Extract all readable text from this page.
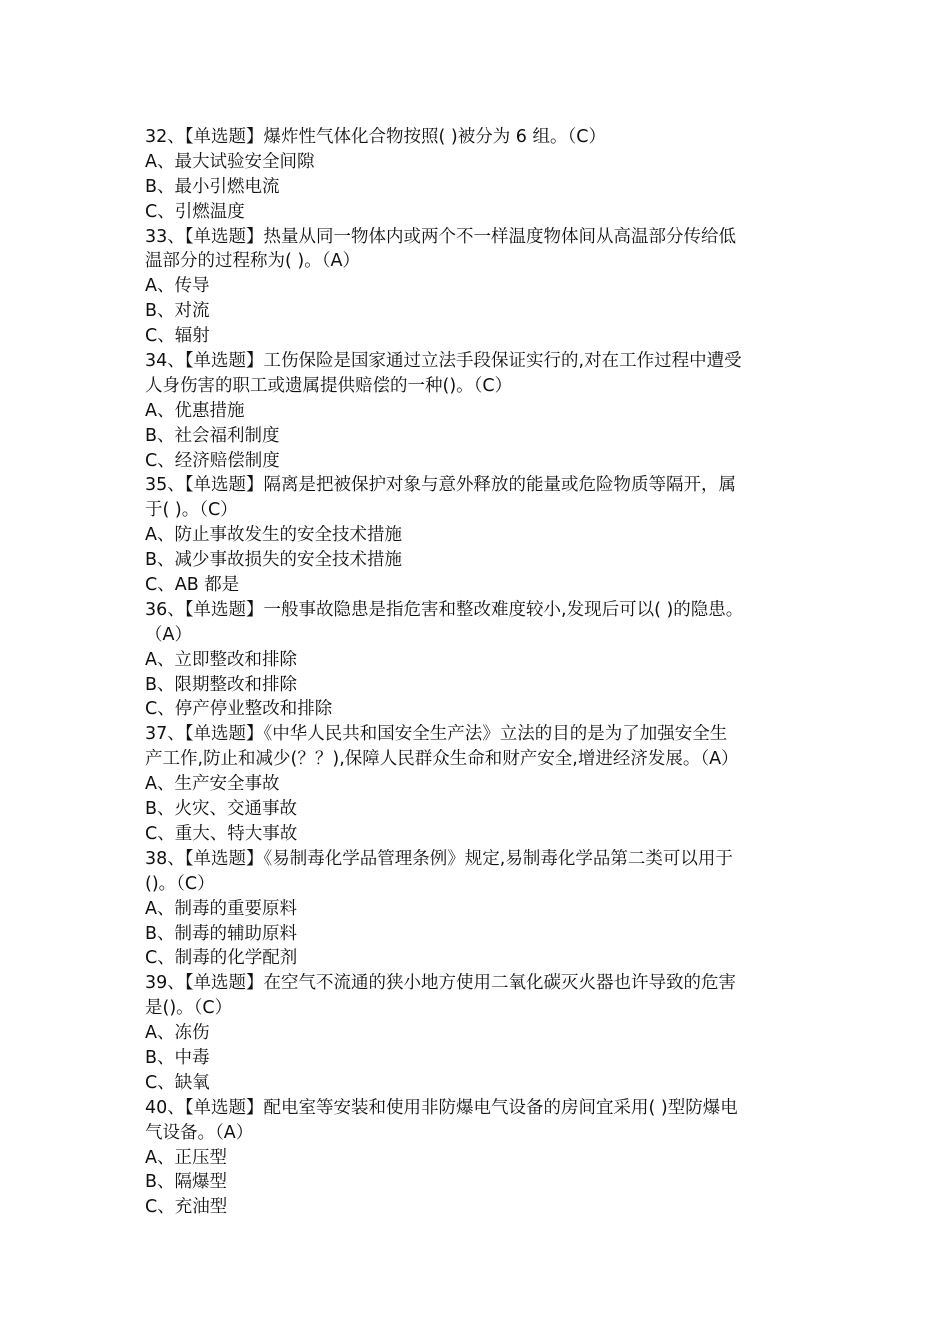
32、【单选题】爆炸性气体化合物按照( )被分为 6 组。（C）
A、最大试验安全间隙
B、最小引燃电流
C、引燃温度
33、【单选题】热量从同一物体内或两个不一样温度物体间从高温部分传给低
温部分的过程称为( )。（A）
A、传导
B、对流
C、辐射
34、【单选题】工伤保险是国家通过立法手段保证实行的,对在工作过程中遭受
人身伤害的职工或遗属提供赔偿的一种()。（C）
A、优惠措施
B、社会福利制度
C、经济赔偿制度
35、【单选题】隔离是把被保护对象与意外释放的能量或危险物质等隔开，属
于( )。（C）
A、防止事故发生的安全技术措施
B、减少事故损失的安全技术措施
C、AB 都是
36、【单选题】一般事故隐患是指危害和整改难度较小,发现后可以( )的隐患。
（A）
A、立即整改和排除
B、限期整改和排除
C、停产停业整改和排除
37、【单选题】《中华人民共和国安全生产法》立法的目的是为了加强安全生
产工作,防止和减少(？？),保障人民群众生命和财产安全,增进经济发展。（A）
A、生产安全事故
B、火灾、交通事故
C、重大、特大事故
38、【单选题】《易制毒化学品管理条例》规定,易制毒化学品第二类可以用于
()。（C）
A、制毒的重要原料
B、制毒的辅助原料
C、制毒的化学配剂
39、【单选题】在空气不流通的狭小地方使用二氧化碳灭火器也许导致的危害
是()。（C）
A、冻伤
B、中毒
C、缺氧
40、【单选题】配电室等安装和使用非防爆电气设备的房间宜采用( )型防爆电
气设备。（A）
A、正压型
B、隔爆型
C、充油型
